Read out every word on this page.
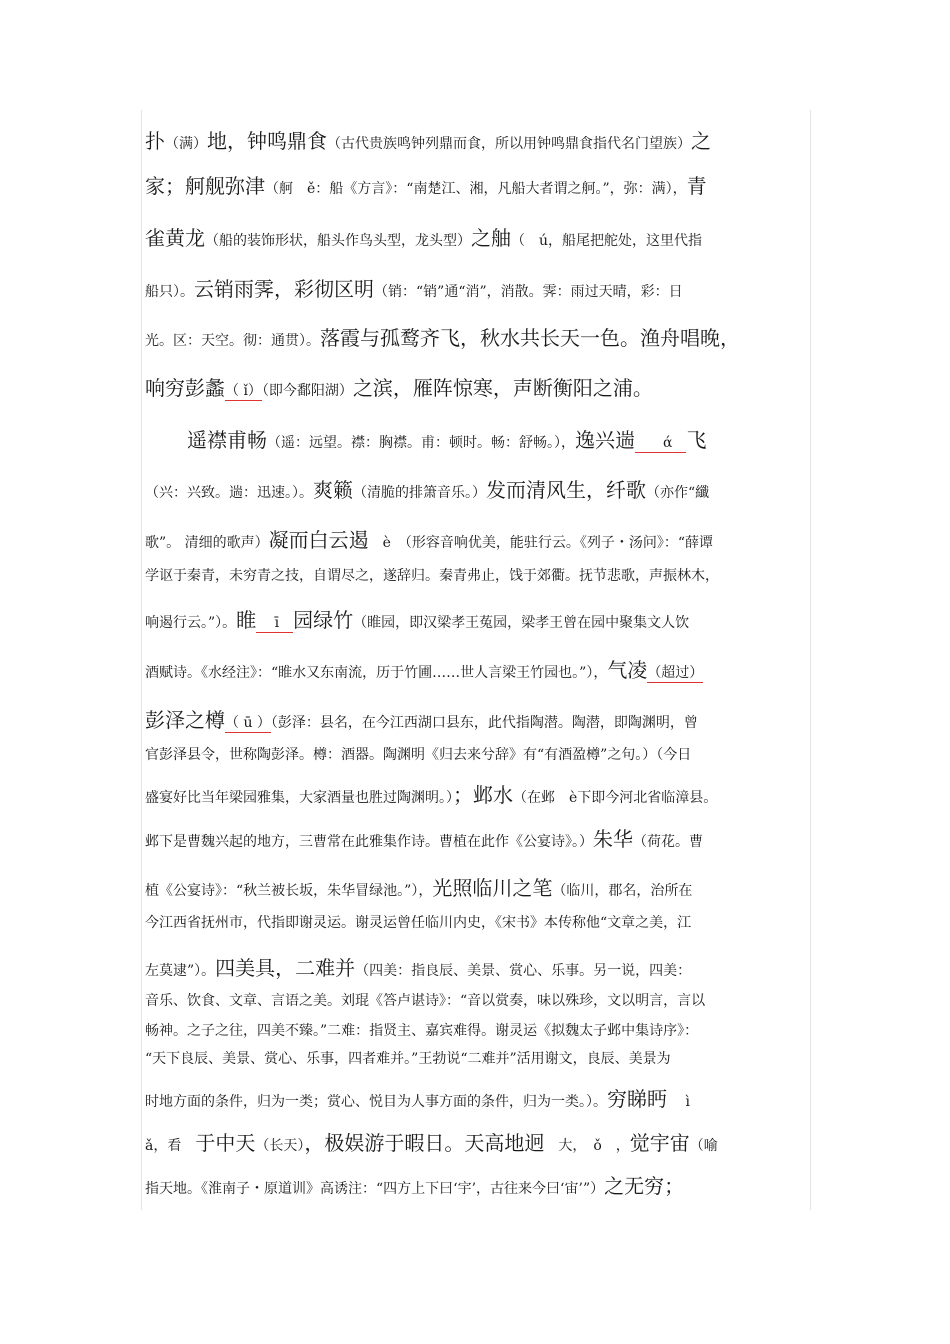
扑（满）地，钟鸣鼎食（古代贵族鸣钟列鼎而食，所以用钟鸣鼎食指代名门望族）之
家；舸舰弥津（舸　ě：船《方言》：“南楚江、湘，凡船大者谓之舸。”，弥：满），青
雀黄龙（船的装饰形状，船头作鸟头型，龙头型）之舳（　ú，船尾把舵处，这里代指
船只）。云销雨霁，彩彻区明（销：“销”通“消”，消散。霁：雨过天晴，彩：日
光。区：天空。彻：通贯）。落霞与孤鹜齐飞，秋水共长天一色。渔舟唱晚，
响穷彭蠡（ ǐ）（即今鄱阳湖）之滨，雁阵惊寒，声断衡阳之浦。
　　　遥襟甫畅（遥：远望。襟：胸襟。甫：顿时。畅：舒畅。），逸兴遄　　ά　飞
（兴：兴致。遄：迅速。）。爽籁（清脆的排箫音乐。）发而清风生，纤歌（亦作“纖
歌”。 清细的歌声）凝而白云遏　è　（形容音响优美，能驻行云。《列子・汤问》：“薛谭
学讴于秦青，未穷青之技，自谓尽之，遂辞归。秦青弗止，饯于郊衢。抚节悲歌，声振林木，
响遏行云。”）。睢　 ī　园绿竹（睢园，即汉梁孝王菟园，梁孝王曾在园中聚集文人饮
酒赋诗。《水经注》：“睢水又东南流，历于竹圃……世人言梁王竹园也。”），气凌（超过）
彭泽之樽（ ū ）（彭泽：县名，在今江西湖口县东，此代指陶潜。陶潜，即陶渊明，曾
官彭泽县令，世称陶彭泽。樽：酒器。陶渊明《归去来兮辞》有“有酒盈樽”之句。）（今日
盛宴好比当年梁园雅集，大家酒量也胜过陶渊明。）；邺水（在邺　è下即今河北省临漳县。
邺下是曹魏兴起的地方，三曹常在此雅集作诗。曹植在此作《公宴诗》。）朱华（荷花。曹
植《公宴诗》：“秋兰被长坂，朱华冒绿池。”），光照临川之笔（临川，郡名，治所在
今江西省抚州市，代指即谢灵运。谢灵运曾任临川内史，《宋书》本传称他“文章之美，江
左莫逮”）。四美具，二难并（四美：指良辰、美景、赏心、乐事。另一说，四美：
音乐、饮食、文章、言语之美。刘琨《答卢谌诗》：“音以赏奏，味以殊珍，文以明言，言以
畅神。之子之往，四美不臻。”二难：指贤主、嘉宾难得。谢灵运《拟魏太子邺中集诗序》：
“天下良辰、美景、赏心、乐事，四者难并。”王勃说“二难并”活用谢文，良辰、美景为
时地方面的条件，归为一类；赏心、悦目为人事方面的条件，归为一类。）。穷睇眄　 ì
ǎ，看　于中天（长天），极娱游于暇日。天高地迥　大，　ǒ　，觉宇宙（喻
指天地。《淮南子・原道训》高诱注：“四方上下曰‘宇’，古往来今曰‘宙’”）之无穷；
